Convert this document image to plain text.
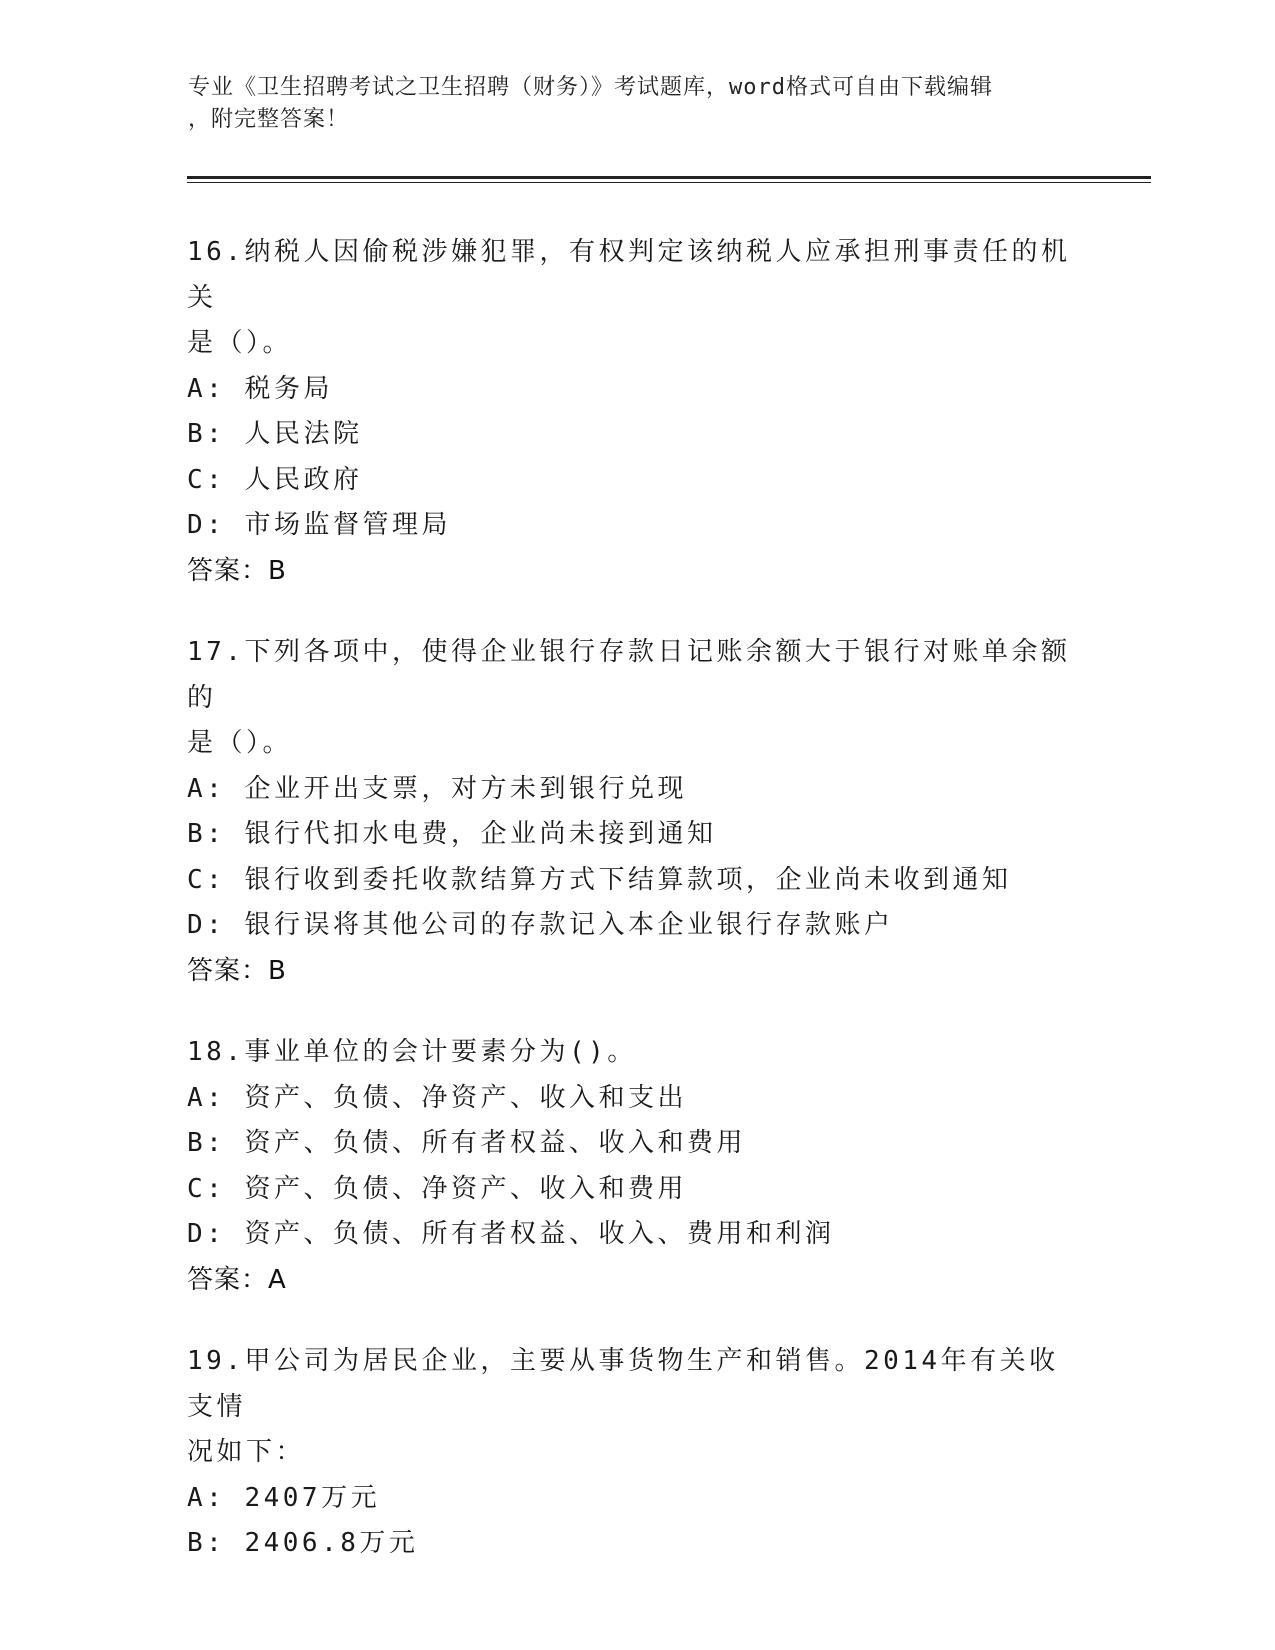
专业《卫生招聘考试之卫生招聘（财务）》考试题库，word格式可自由下载编辑
，附完整答案！
16.纳税人因偷税涉嫌犯罪，有权判定该纳税人应承担刑事责任的机关
是（）。
A: 税务局
B: 人民法院
C: 人民政府
D: 市场监督管理局
答案：B
17.下列各项中，使得企业银行存款日记账余额大于银行对账单余额的
是（）。
A: 企业开出支票，对方未到银行兑现
B: 银行代扣水电费，企业尚未接到通知
C: 银行收到委托收款结算方式下结算款项，企业尚未收到通知
D: 银行误将其他公司的存款记入本企业银行存款账户
答案：B
18.事业单位的会计要素分为()。
A: 资产、负债、净资产、收入和支出
B: 资产、负债、所有者权益、收入和费用
C: 资产、负债、净资产、收入和费用
D: 资产、负债、所有者权益、收入、费用和利润
答案：A
19.甲公司为居民企业，主要从事货物生产和销售。2014年有关收支情
况如下：
A: 2407万元
B: 2406.8万元
